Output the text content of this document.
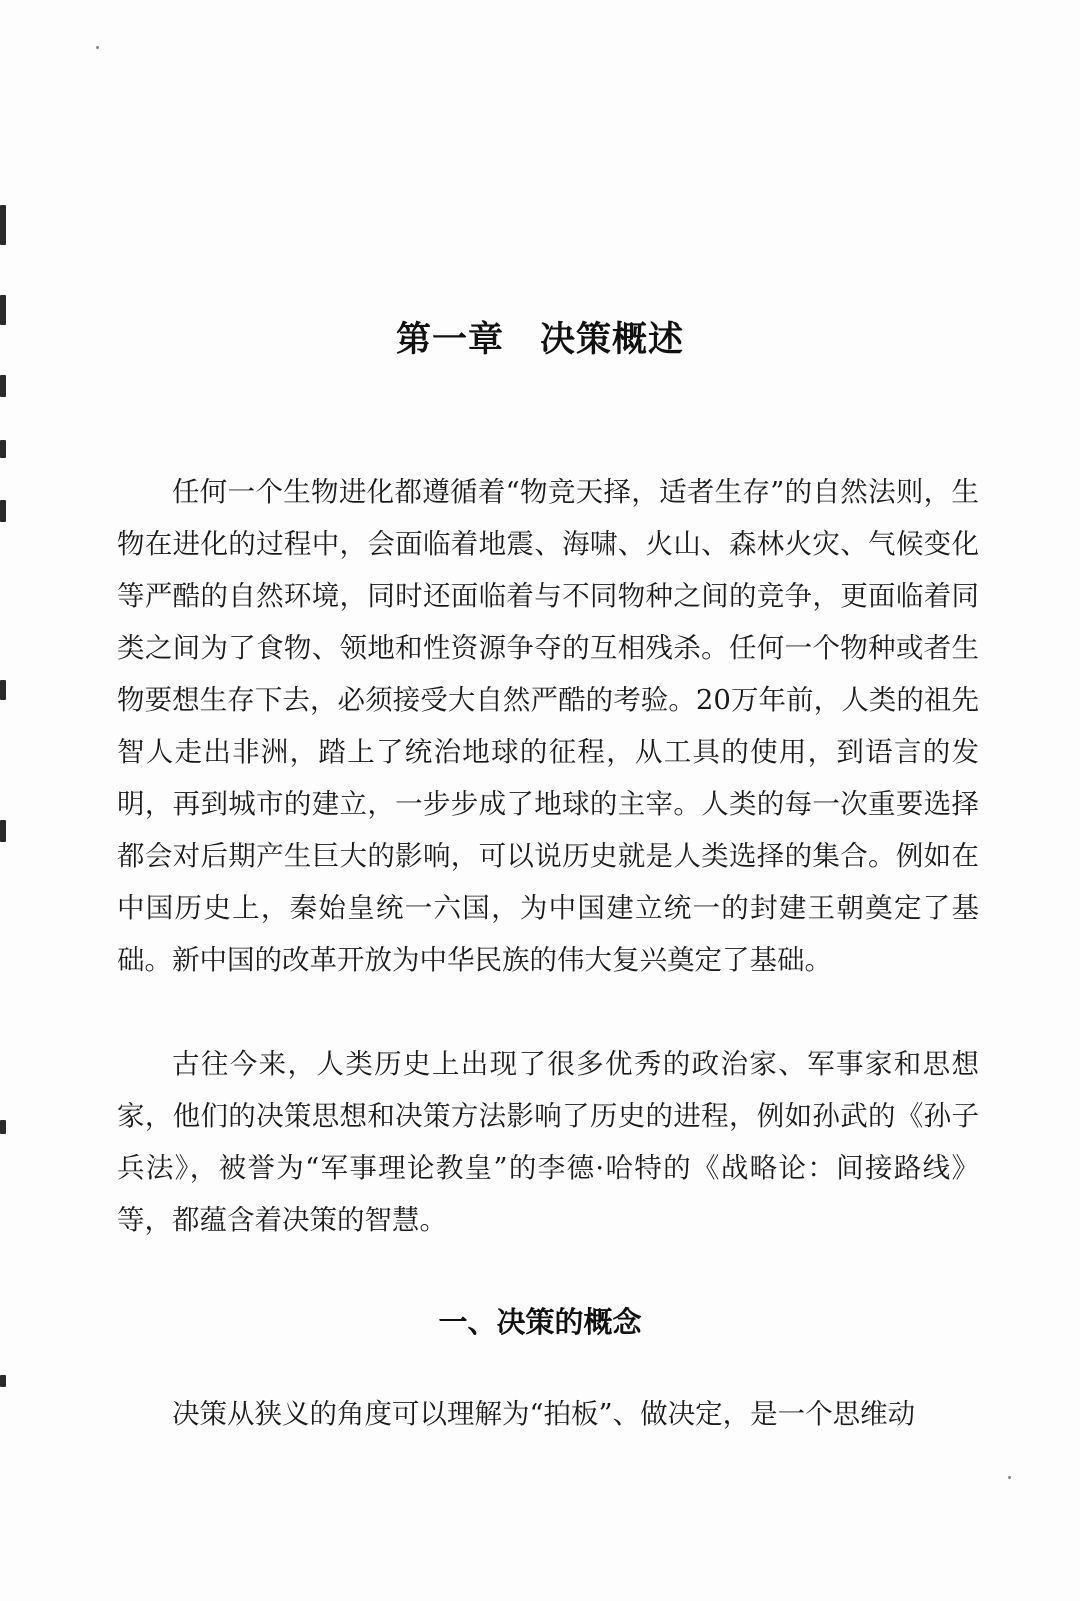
第一章　决策概述

任何一个生物进化都遵循着“物竞天择，适者生存”的自然法则，生物在进化的过程中，会面临着地震、海啸、火山、森林火灾、气候变化等严酷的自然环境，同时还面临着与不同物种之间的竞争，更面临着同类之间为了食物、领地和性资源争夺的互相残杀。任何一个物种或者生物要想生存下去，必须接受大自然严酷的考验。20万年前，人类的祖先智人走出非洲，踏上了统治地球的征程，从工具的使用，到语言的发明，再到城市的建立，一步步成了地球的主宰。人类的每一次重要选择都会对后期产生巨大的影响，可以说历史就是人类选择的集合。例如在中国历史上，秦始皇统一六国，为中国建立统一的封建王朝奠定了基础。新中国的改革开放为中华民族的伟大复兴奠定了基础。

古往今来，人类历史上出现了很多优秀的政治家、军事家和思想家，他们的决策思想和决策方法影响了历史的进程，例如孙武的《孙子兵法》，被誉为“军事理论教皇”的李德·哈特的《战略论：间接路线》等，都蕴含着决策的智慧。

一、决策的概念

决策从狭义的角度可以理解为“拍板”、做决定，是一个思维动
